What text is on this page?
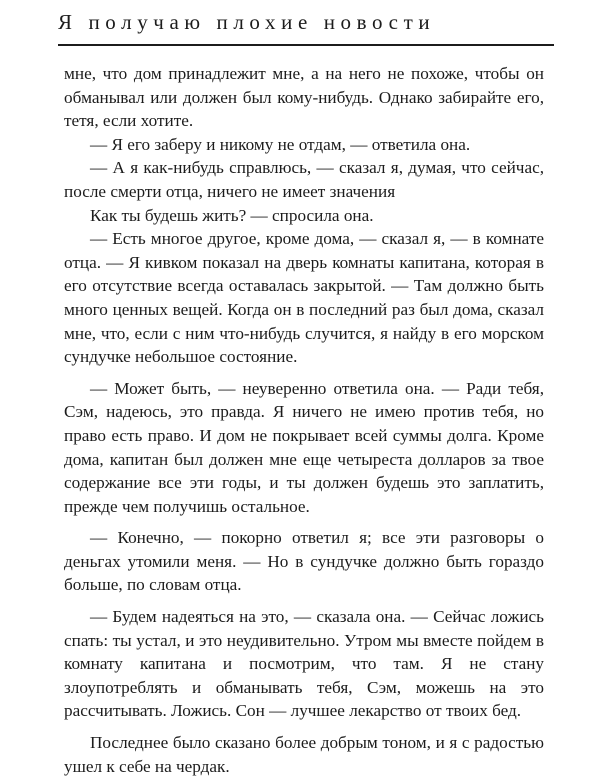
Я получаю плохие новости

мне, что дом принадлежит мне, а на него не похоже, чтобы он обманывал или должен был кому-нибудь. Однако забирайте его, тетя, если хотите.

— Я его заберу и никому не отдам, — ответила она.

— А я как-нибудь справлюсь, — сказал я, думая, что сейчас, после смерти отца, ничего не имеет значения

Как ты будешь жить? — спросила она.

— Есть многое другое, кроме дома, — сказал я, — в комнате отца. — Я кивком показал на дверь комнаты капитана, которая в его отсутствие всегда оставалась закрытой. — Там должно быть много ценных вещей. Когда он в последний раз был дома, сказал мне, что, если с ним что-нибудь случится, я найду в его морском сундучке небольшое состояние.

— Может быть, — неуверенно ответила она. — Ради тебя, Сэм, надеюсь, это правда. Я ничего не имею против тебя, но право есть право. И дом не покрывает всей суммы долга. Кроме дома, капитан был должен мне еще четыреста долларов за твое содержание все эти годы, и ты должен будешь это заплатить, прежде чем получишь остальное.

— Конечно, — покорно ответил я; все эти разговоры о деньгах утомили меня. — Но в сундучке должно быть гораздо больше, по словам отца.

— Будем надеяться на это, — сказала она. — Сейчас ложись спать: ты устал, и это неудивительно. Утром мы вместе пойдем в комнату капитана и посмотрим, что там. Я не стану злоупотреблять и обманывать тебя, Сэм, можешь на это рассчитывать. Ложись. Сон — лучшее лекарство от твоих бед.

Последнее было сказано более добрым тоном, и я с радостью ушел к себе на чердак.
